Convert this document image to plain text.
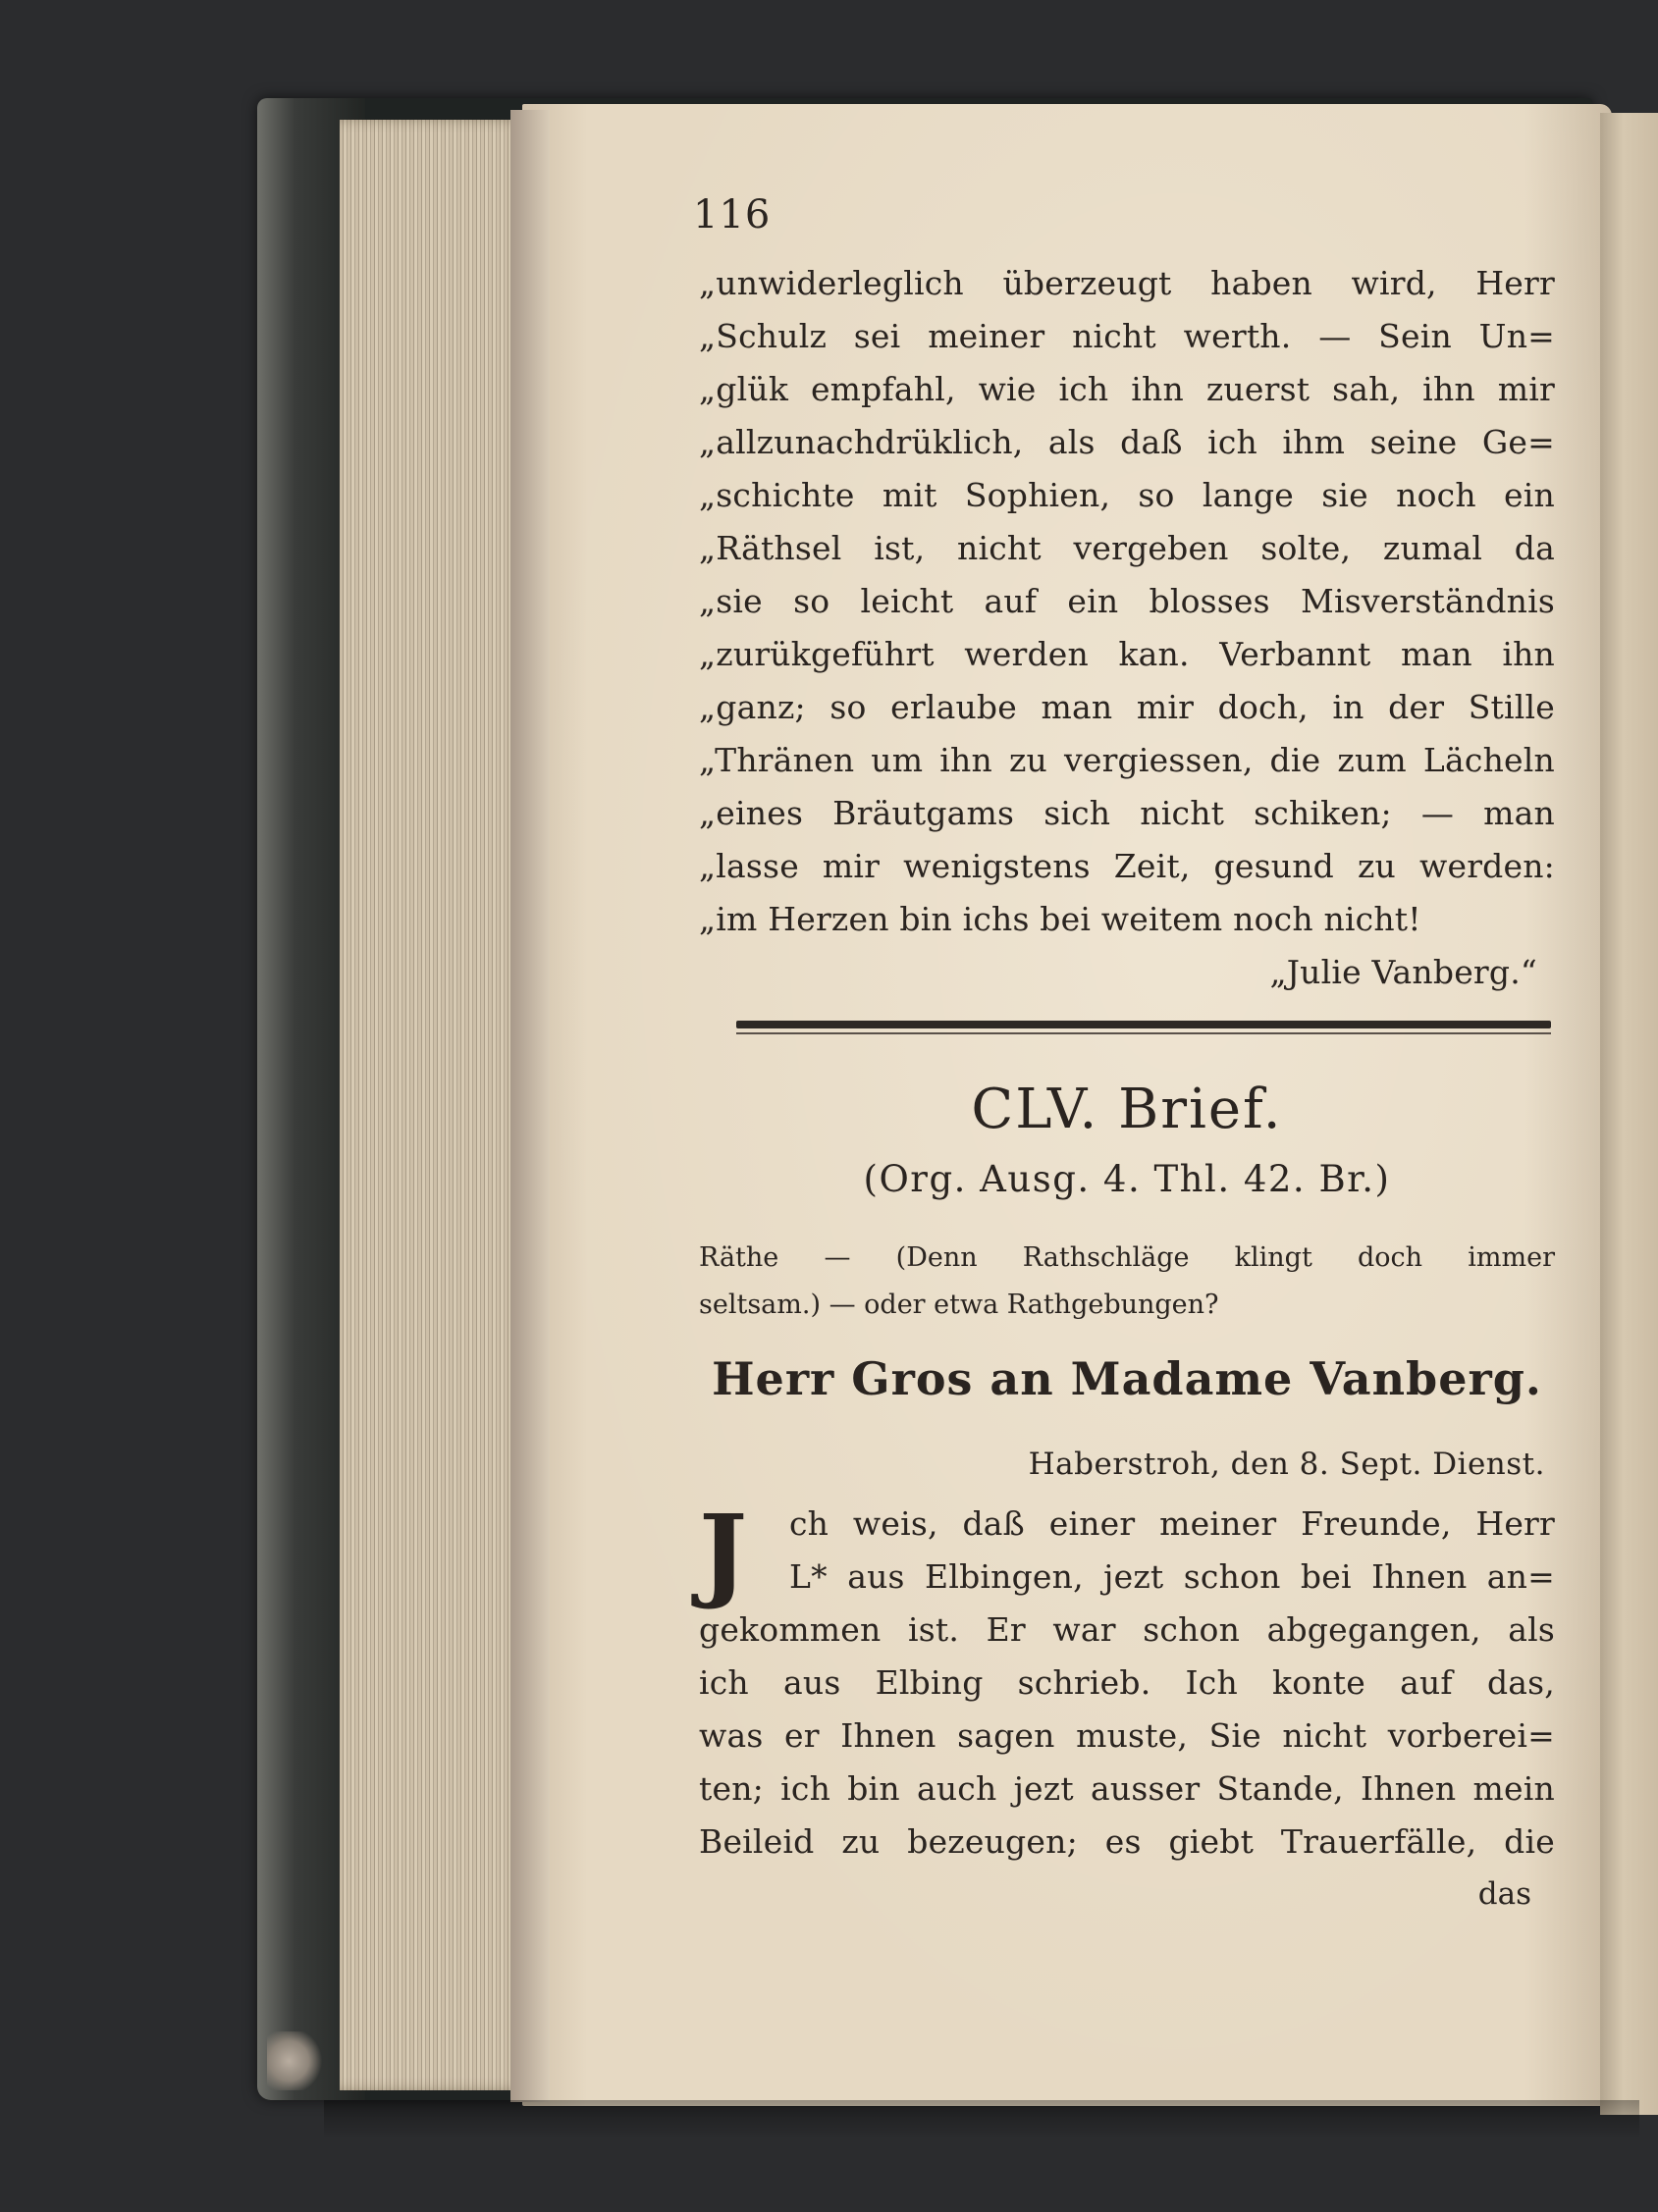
116
„unwiderleglich überzeugt haben wird, Herr
„Schulz sei meiner nicht werth. — Sein Un=
„glük empfahl, wie ich ihn zuerst sah, ihn mir
„allzunachdrüklich, als daß ich ihm seine Ge=
„schichte mit Sophien, so lange sie noch ein
„Räthsel ist, nicht vergeben solte, zumal da
„sie so leicht auf ein blosses Misverständnis
„zurükgeführt werden kan. Verbannt man ihn
„ganz; so erlaube man mir doch, in der Stille
„Thränen um ihn zu vergiessen, die zum Lächeln
„eines Bräutgams sich nicht schiken; — man
„lasse mir wenigstens Zeit, gesund zu werden:
„im Herzen bin ichs bei weitem noch nicht!
„Julie Vanberg.“
CLV. Brief.
(Org. Ausg. 4. Thl. 42. Br.)
Räthe — (Denn Rathschläge klingt doch immer
seltsam.) — oder etwa Rathgebungen?
Herr Gros an Madame Vanberg.
Haberstroh, den 8. Sept. Dienst.
J	ch weis, daß einer meiner Freunde, Herr
L* aus Elbingen, jezt schon bei Ihnen an=
gekommen ist. Er war schon abgegangen, als
ich aus Elbing schrieb. Ich konte auf das,
was er Ihnen sagen muste, Sie nicht vorberei=
ten; ich bin auch jezt ausser Stande, Ihnen mein
Beileid zu bezeugen; es giebt Trauerfälle, die
das
